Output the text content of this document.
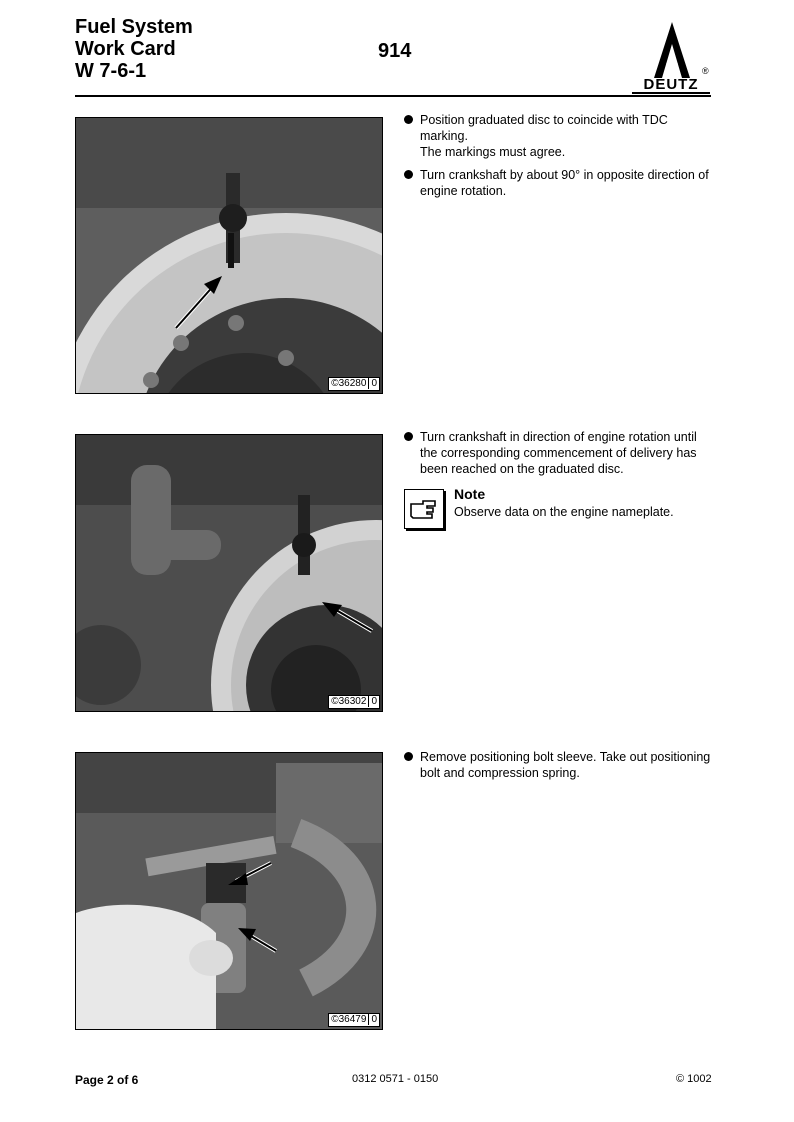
Fuel System
Work Card
W 7-6-1
914
®
DEUTZ
©36280 0
Position graduated disc to coincide with TDC marking.
The markings must agree.
Turn crankshaft by about 90° in opposite direction of engine rotation.
©36302 0
Turn crankshaft in direction of engine rotation until the corresponding commencement of delivery has been reached on the graduated disc.
Note
Observe data on the engine nameplate.
©36479 0
Remove positioning bolt sleeve. Take out positioning bolt and compression spring.
Page 2 of 6	0312 0571 - 0150	© 1002
